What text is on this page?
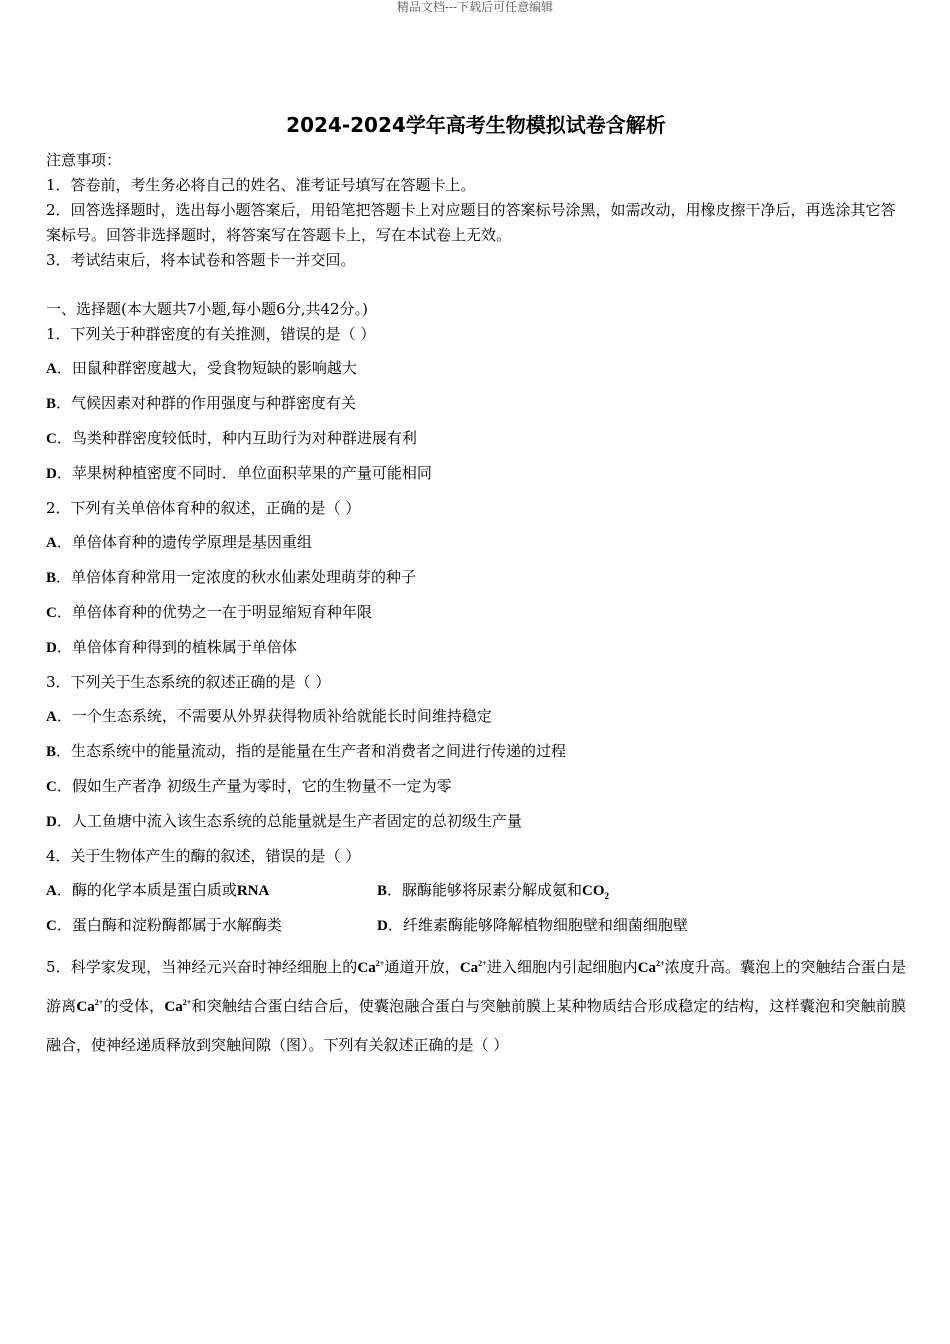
精品文档---下载后可任意编辑
2024-2024学年高考生物模拟试卷含解析

注意事项：

1．答卷前，考生务必将自己的姓名、准考证号填写在答题卡上。

2．回答选择题时，选出每小题答案后，用铅笔把答题卡上对应题目的答案标号涂黑，如需改动，用橡皮擦干净后，再选涂其它答案标号。回答非选择题时，将答案写在答题卡上，写在本试卷上无效。

3．考试结束后，将本试卷和答题卡一并交回。

一、选择题(本大题共7小题,每小题6分,共42分。)

1．下列关于种群密度的有关推测，错误的是（ ）

A．田鼠种群密度越大，受食物短缺的影响越大

B．气候因素对种群的作用强度与种群密度有关

C．鸟类种群密度较低时，种内互助行为对种群进展有利

D．苹果树种植密度不同时．单位面积苹果的产量可能相同

2．下列有关单倍体育种的叙述，正确的是（ ）

A．单倍体育种的遗传学原理是基因重组

B．单倍体育种常用一定浓度的秋水仙素处理萌芽的种子

C．单倍体育种的优势之一在于明显缩短育种年限

D．单倍体育种得到的植株属于单倍体

3．下列关于生态系统的叙述正确的是（ ）

A．一个生态系统，不需要从外界获得物质补给就能长时间维持稳定

B．生态系统中的能量流动，指的是能量在生产者和消费者之间进行传递的过程

C．假如生产者净 初级生产量为零时，它的生物量不一定为零

D．人工鱼塘中流入该生态系统的总能量就是生产者固定的总初级生产量

4．关于生物体产生的酶的叙述，错误的是（ ）

A．酶的化学本质是蛋白质或RNA	B．脲酶能够将尿素分解成氨和$CO_2$
C．蛋白酶和淀粉酶都属于水解酶类	D．纤维素酶能够降解植物细胞壁和细菌细胞壁

5．科学家发现，当神经元兴奋时神经细胞上的$Ca^{2+}$通道开放，$Ca^{2+}$进入细胞内引起细胞内$Ca^{2+}$浓度升高。囊泡上的突触结合蛋白是游离$Ca^{2+}$的受体，$Ca^{2+}$和突触结合蛋白结合后，使囊泡融合蛋白与突触前膜上某种物质结合形成稳定的结构，这样囊泡和突触前膜融合，使神经递质释放到突触间隙（图）。下列有关叙述正确的是（ ）
